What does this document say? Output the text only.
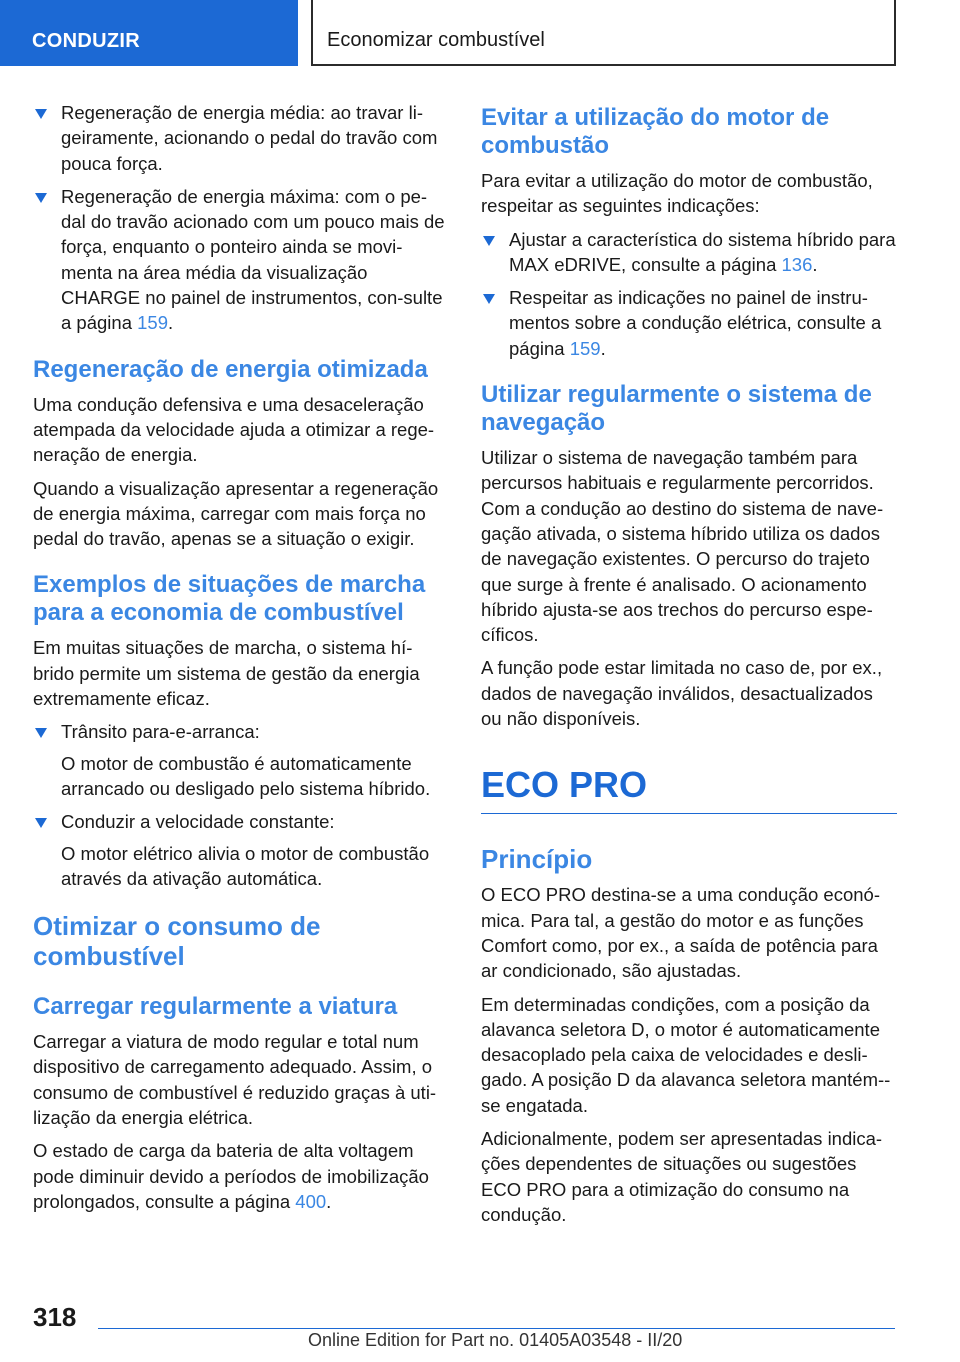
CONDUZIR	Economizar combustível

Regeneração de energia média: ao travar li-geiramente, acionando o pedal do travão com pouca força.

Regeneração de energia máxima: com o pe-dal do travão acionado com um pouco mais de força, enquanto o ponteiro ainda se movi-menta na área média da visualização CHARGE no painel de instrumentos, con-sulte a página 159.

Regeneração de energia otimizada

Uma condução defensiva e uma desaceleração atempada da velocidade ajuda a otimizar a rege-neração de energia.

Quando a visualização apresentar a regeneração de energia máxima, carregar com mais força no pedal do travão, apenas se a situação o exigir.

Exemplos de situações de marcha para a economia de combustível

Em muitas situações de marcha, o sistema hí-brido permite um sistema de gestão da energia extremamente eficaz.

Trânsito para-e-arranca:

O motor de combustão é automaticamente arrancado ou desligado pelo sistema híbrido.

Conduzir a velocidade constante:

O motor elétrico alivia o motor de combustão através da ativação automática.

Otimizar o consumo de combustível
Carregar regularmente a viatura

Carregar a viatura de modo regular e total num dispositivo de carregamento adequado. Assim, o consumo de combustível é reduzido graças à uti-lização da energia elétrica.

O estado de carga da bateria de alta voltagem pode diminuir devido a períodos de imobilização prolongados, consulte a página 400.

Evitar a utilização do motor de combustão

Para evitar a utilização do motor de combustão, respeitar as seguintes indicações:

Ajustar a característica do sistema híbrido para MAX eDRIVE, consulte a página 136.

Respeitar as indicações no painel de instru-mentos sobre a condução elétrica, consulte a página 159.

Utilizar regularmente o sistema de navegação

Utilizar o sistema de navegação também para percursos habituais e regularmente percorridos. Com a condução ao destino do sistema de nave-gação ativada, o sistema híbrido utiliza os dados de navegação existentes. O percurso do trajeto que surge à frente é analisado. O acionamento híbrido ajusta-se aos trechos do percurso espe-cíficos.

A função pode estar limitada no caso de, por ex., dados de navegação inválidos, desactualizados ou não disponíveis.

ECO PRO
Princípio

O ECO PRO destina-se a uma condução econó-mica. Para tal, a gestão do motor e as funções Comfort como, por ex., a saída de potência para ar condicionado, são ajustadas.

Em determinadas condições, com a posição da alavanca seletora D, o motor é automaticamente desacoplado pela caixa de velocidades e desli-gado. A posição D da alavanca seletora mantém--se engatada.

Adicionalmente, podem ser apresentadas indica-ções dependentes de situações ou sugestões ECO PRO para a otimização do consumo na condução.

318
Online Edition for Part no. 01405A03548 - II/20
